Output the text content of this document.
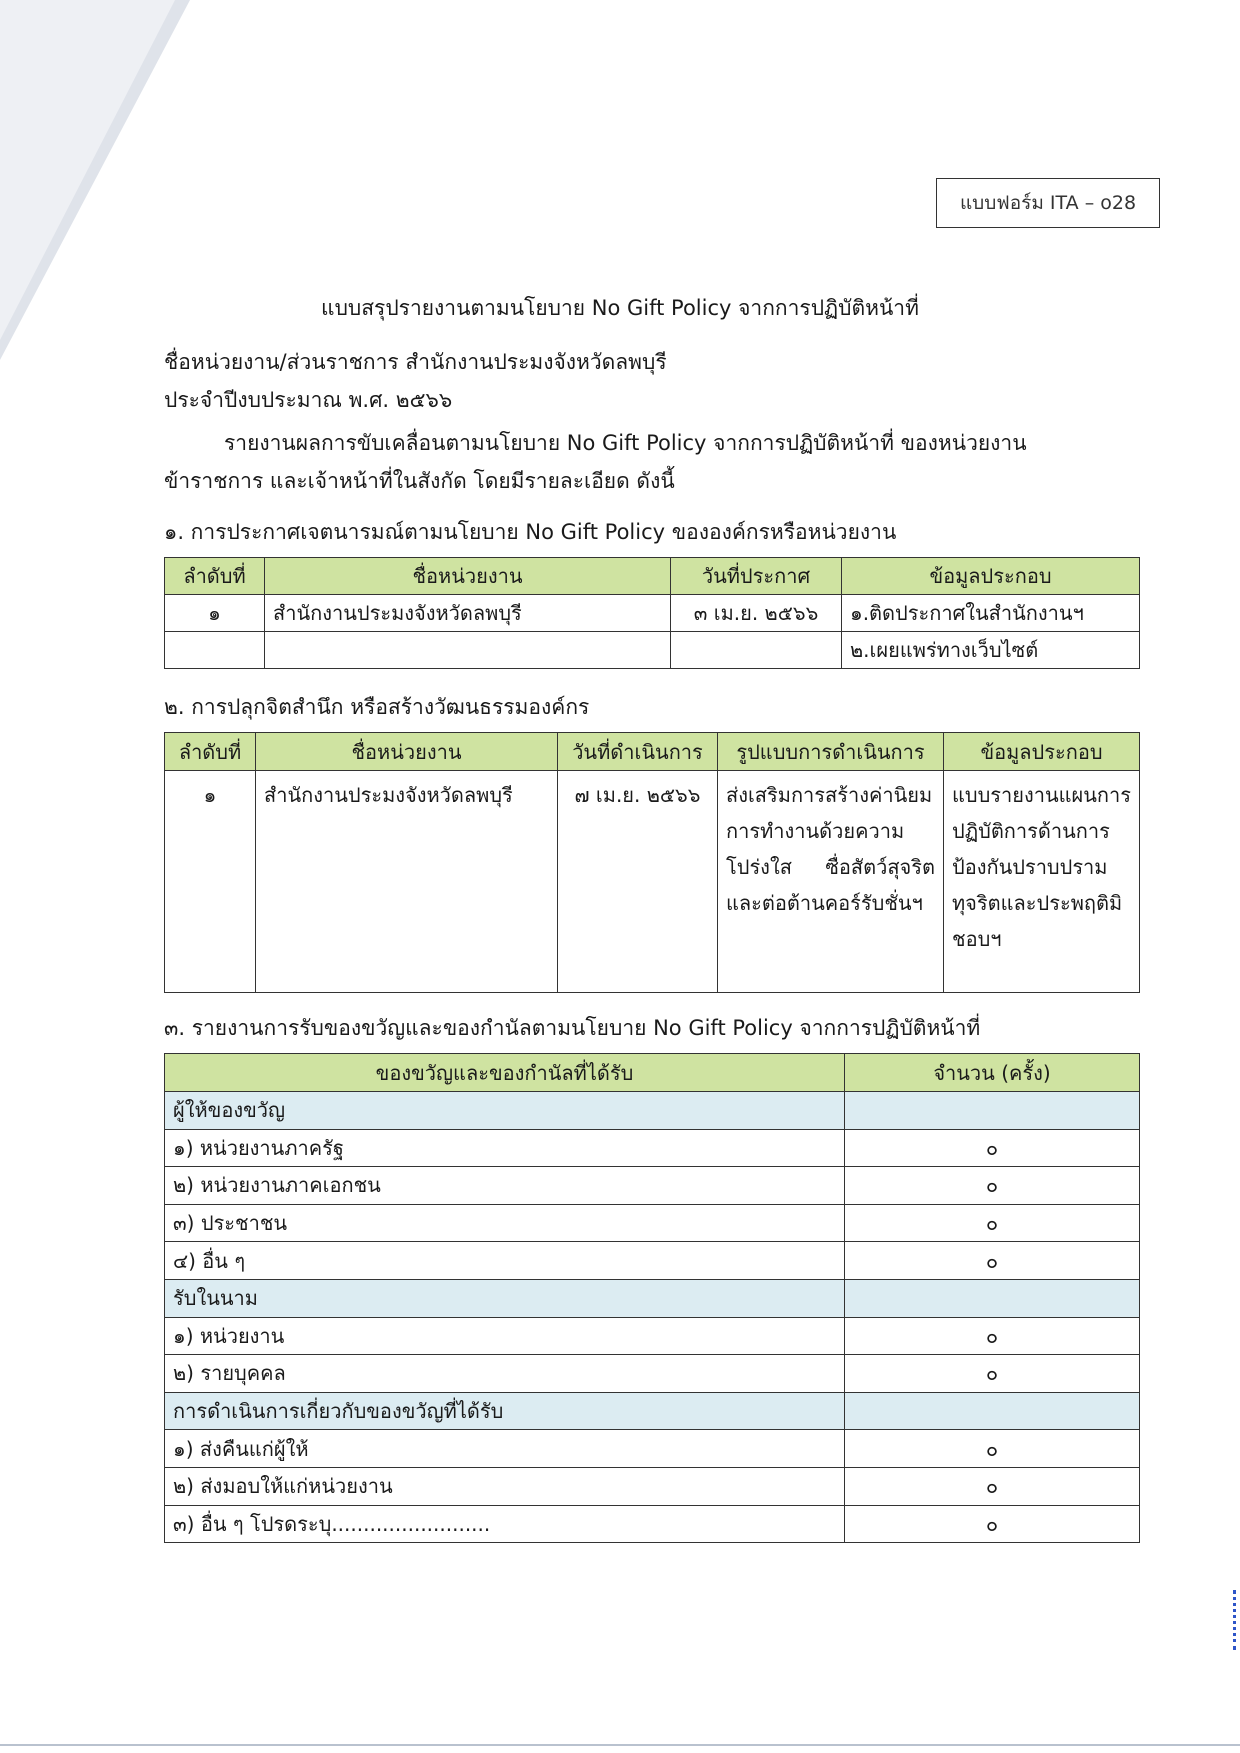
แบบฟอร์ม ITA – o28
แบบสรุปรายงานตามนโยบาย No Gift Policy จากการปฏิบัติหน้าที่
ชื่อหน่วยงาน/ส่วนราชการ สำนักงานประมงจังหวัดลพบุรี
ประจำปีงบประมาณ พ.ศ. ๒๕๖๖
รายงานผลการขับเคลื่อนตามนโยบาย No Gift Policy จากการปฏิบัติหน้าที่ ของหน่วยงาน
ข้าราชการ และเจ้าหน้าที่ในสังกัด โดยมีรายละเอียด ดังนี้
๑. การประกาศเจตนารมณ์ตามนโยบาย No Gift Policy ขององค์กรหรือหน่วยงาน
ลำดับที่	ชื่อหน่วยงาน	วันที่ประกาศ	ข้อมูลประกอบ
๑	สำนักงานประมงจังหวัดลพบุรี	๓ เม.ย. ๒๕๖๖	๑.ติดประกาศในสำนักงานฯ
			๒.เผยแพร่ทางเว็บไซต์
๒. การปลุกจิตสำนึก หรือสร้างวัฒนธรรมองค์กร
ลำดับที่	ชื่อหน่วยงาน	วันที่ดำเนินการ	รูปแบบการดำเนินการ	ข้อมูลประกอบ
๑	สำนักงานประมงจังหวัดลพบุรี	๗ เม.ย. ๒๕๖๖	ส่งเสริมการสร้างค่านิยมการทำงานด้วยความโปร่งใส ซื่อสัตว์สุจริต และต่อต้านคอร์รับชั่นฯ	แบบรายงานแผนการปฏิบัติการด้านการป้องกันปราบปรามทุจริตและประพฤติมิชอบฯ
๓. รายงานการรับของขวัญและของกำนัลตามนโยบาย No Gift Policy จากการปฏิบัติหน้าที่
ของขวัญและของกำนัลที่ได้รับ	จำนวน (ครั้ง)
ผู้ให้ของขวัญ	
๑) หน่วยงานภาครัฐ	๐
๒) หน่วยงานภาคเอกชน	๐
๓) ประชาชน	๐
๔) อื่น ๆ	๐
รับในนาม	
๑) หน่วยงาน	๐
๒) รายบุคคล	๐
การดำเนินการเกี่ยวกับของขวัญที่ได้รับ	
๑) ส่งคืนแก่ผู้ให้	๐
๒) ส่งมอบให้แก่หน่วยงาน	๐
๓) อื่น ๆ โปรดระบุ.........................	๐
